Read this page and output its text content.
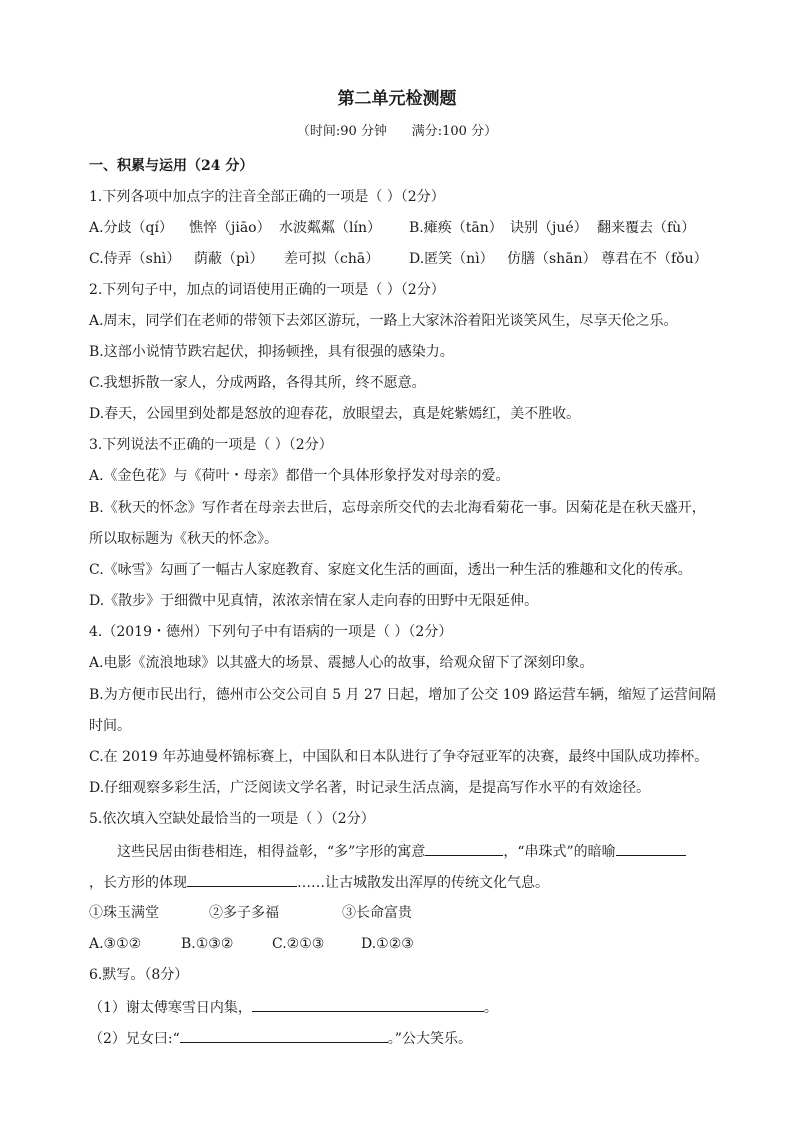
第二单元检测题
（时间:90 分钟      满分:100 分）
一、积累与运用（24 分）
1.下列各项中加点字的注音全部正确的一项是（ ）（2分）
A.分歧（qí） 憔悴（jiāo） 水波粼粼（lín） B.瘫痪（tān） 诀别（jué） 翻来覆去（fù）
C.侍弄（shì） 荫蔽（pì） 差可拟（chā） D.匿笑（nì） 仿膳（shān） 尊君在不（fǒu）
2.下列句子中，加点的词语使用正确的一项是（ ）（2分）
A.周末，同学们在老师的带领下去郊区游玩，一路上大家沐浴着阳光谈笑风生，尽享天伦之乐。
B.这部小说情节跌宕起伏，抑扬顿挫，具有很强的感染力。
C.我想拆散一家人，分成两路，各得其所，终不愿意。
D.春天，公园里到处都是怒放的迎春花，放眼望去，真是姹紫嫣红，美不胜收。
3.下列说法不正确的一项是（ ）（2分）
A.《金色花》与《荷叶・母亲》都借一个具体形象抒发对母亲的爱。
B.《秋天的怀念》写作者在母亲去世后，忘母亲所交代的去北海看菊花一事。因菊花是在秋天盛开，
所以取标题为《秋天的怀念》。
C.《咏雪》勾画了一幅古人家庭教育、家庭文化生活的画面，透出一种生活的雅趣和文化的传承。
D.《散步》于细微中见真情，浓浓亲情在家人走向春的田野中无限延伸。
4.（2019・德州）下列句子中有语病的一项是（ ）（2分）
A.电影《流浪地球》以其盛大的场景、震撼人心的故事，给观众留下了深刻印象。
B.为方便市民出行，德州市公交公司自 5 月 27 日起，增加了公交 109 路运营车辆，缩短了运营间隔
时间。
C.在 2019 年苏迪曼杯锦标赛上，中国队和日本队进行了争夺冠亚军的决赛，最终中国队成功捧杯。
D.仔细观察多彩生活，广泛阅读文学名著，时记录生活点滴，是提高写作水平的有效途径。
5.依次填入空缺处最恰当的一项是（ ）（2分）
这些民居由街巷相连，相得益彰，“多”字形的寓意	，“串珠式”的暗喻
，长方形的体现	……让古城散发出浑厚的传统文化气息。
①珠玉满堂	②多子多福	③长命富贵
A.③①②	B.①③②	C.②①③	D.①②③
6.默写。（8分）
（1）谢太傅寒雪日内集，	。
（2）兄女曰:“	。”公大笑乐。
